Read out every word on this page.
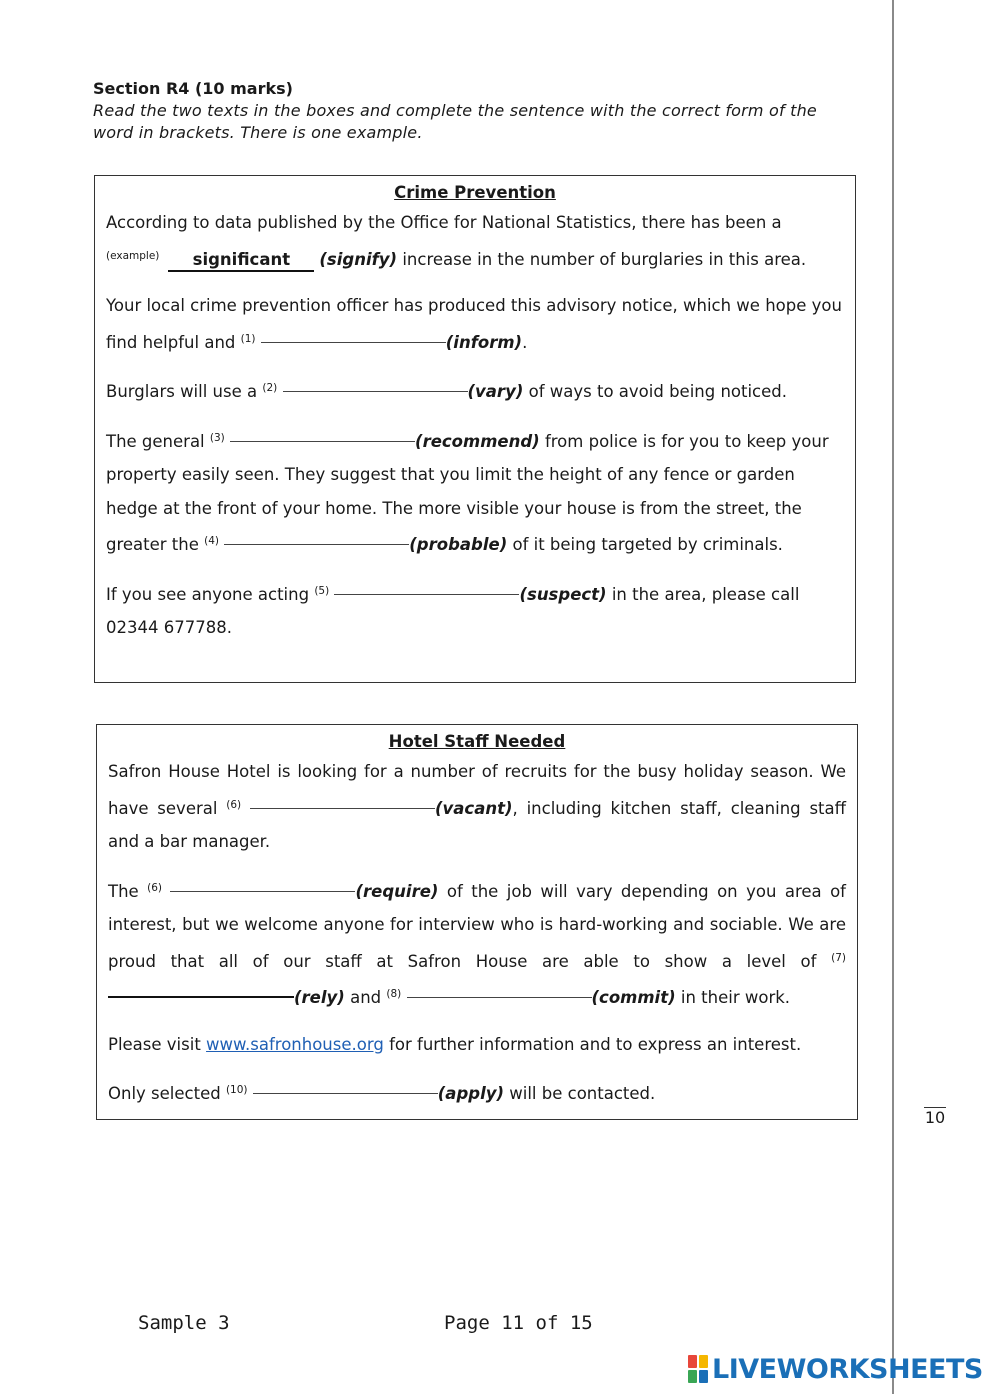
Section R4 (10 marks)
Read the two texts in the boxes and complete the sentence with the correct form of the word in brackets. There is one example.
Crime Prevention
According to data published by the Office for National Statistics, there has been a
$^{(example)}$ significant (signify) increase in the number of burglaries in this area.
Your local crime prevention officer has produced this advisory notice, which we hope you find helpful and $^{(1)}$	(inform).
Burglars will use a $^{(2)}$	(vary) of ways to avoid being noticed.
The general $^{(3)}$	(recommend) from police is for you to keep your property easily seen. They suggest that you limit the height of any fence or garden hedge at the front of your home. The more visible your house is from the street, the greater the $^{(4)}$	(probable) of it being targeted by criminals.
If you see anyone acting $^{(5)}$	(suspect) in the area, please call 02344 677788.
Hotel Staff Needed
Safron House Hotel is looking for a number of recruits for the busy holiday season. We have several $^{(6)}$	(vacant), including kitchen staff, cleaning staff and a bar manager.
The $^{(6)}$	(require) of the job will vary depending on you area of interest, but we welcome anyone for interview who is hard-working and sociable. We are proud that all of our staff at Safron House are able to show a level of $^{(7)}$ (rely) and $^{(8)}$	(commit) in their work.
Please visit www.safronhouse.org for further information and to express an interest.
Only selected $^{(10)}$	(apply) will be contacted.
10
Sample 3	Page 11 of 15
LIVEWORKSHEETS
